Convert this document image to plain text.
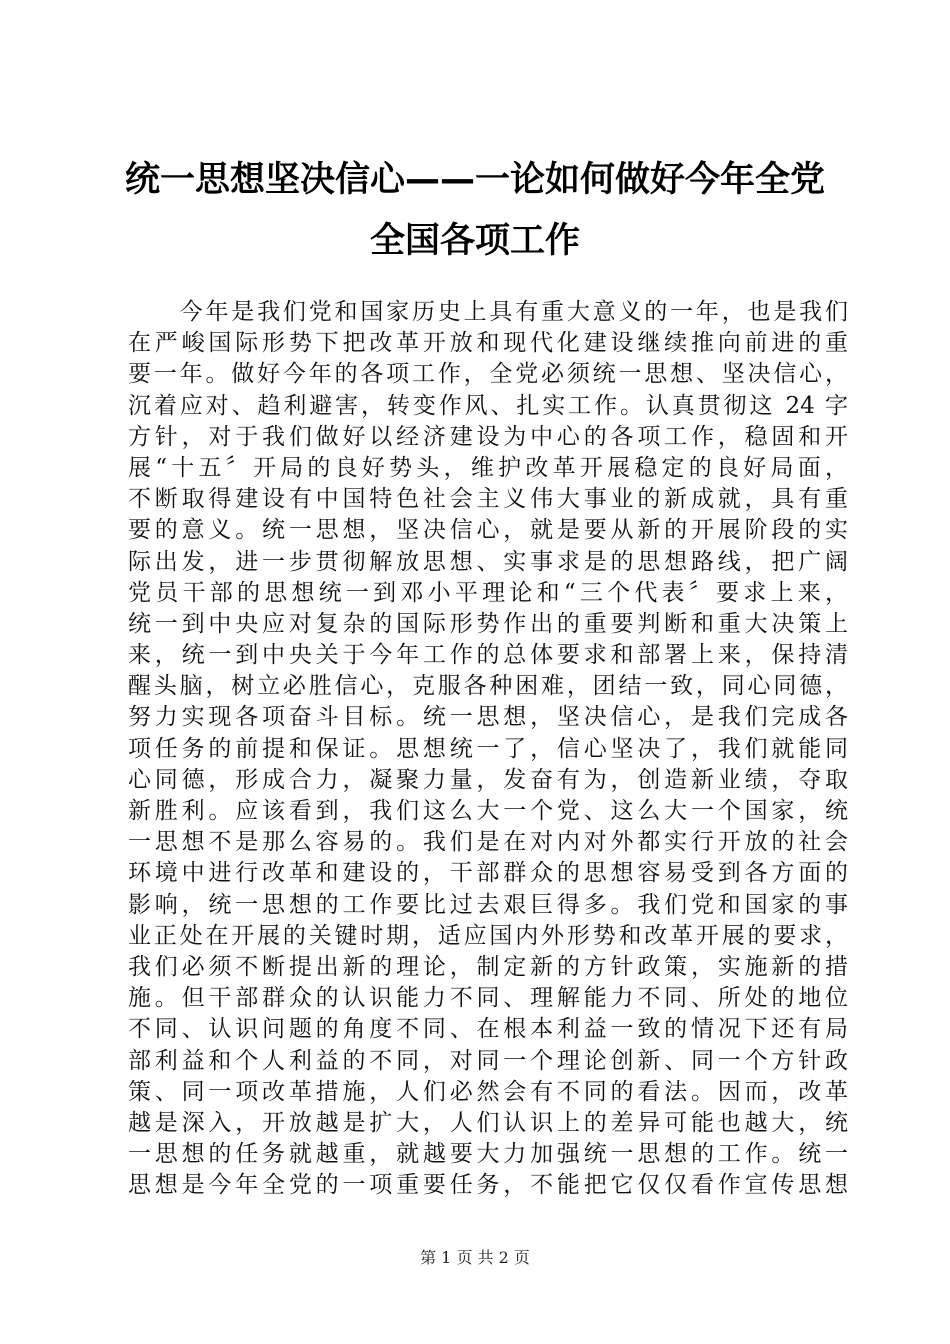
统一思想坚决信心——一论如何做好今年全党
全国各项工作
　　今年是我们党和国家历史上具有重大意义的一年，也是我们
在严峻国际形势下把改革开放和现代化建设继续推向前进的重
要一年。做好今年的各项工作，全党必须统一思想、坚决信心，
沉着应对、趋利避害，转变作风、扎实工作。认真贯彻这 24 字
方针，对于我们做好以经济建设为中心的各项工作，稳固和开
展“十五〞开局的良好势头，维护改革开展稳定的良好局面，
不断取得建设有中国特色社会主义伟大事业的新成就，具有重
要的意义。统一思想，坚决信心，就是要从新的开展阶段的实
际出发，进一步贯彻解放思想、实事求是的思想路线，把广阔
党员干部的思想统一到邓小平理论和“三个代表〞要求上来，
统一到中央应对复杂的国际形势作出的重要判断和重大决策上
来，统一到中央关于今年工作的总体要求和部署上来，保持清
醒头脑，树立必胜信心，克服各种困难，团结一致，同心同德，
努力实现各项奋斗目标。统一思想，坚决信心，是我们完成各
项任务的前提和保证。思想统一了，信心坚决了，我们就能同
心同德，形成合力，凝聚力量，发奋有为，创造新业绩，夺取
新胜利。应该看到，我们这么大一个党、这么大一个国家，统
一思想不是那么容易的。我们是在对内对外都实行开放的社会
环境中进行改革和建设的，干部群众的思想容易受到各方面的
影响，统一思想的工作要比过去艰巨得多。我们党和国家的事
业正处在开展的关键时期，适应国内外形势和改革开展的要求，
我们必须不断提出新的理论，制定新的方针政策，实施新的措
施。但干部群众的认识能力不同、理解能力不同、所处的地位
不同、认识问题的角度不同、在根本利益一致的情况下还有局
部利益和个人利益的不同，对同一个理论创新、同一个方针政
策、同一项改革措施，人们必然会有不同的看法。因而，改革
越是深入，开放越是扩大，人们认识上的差异可能也越大，统
一思想的任务就越重，就越要大力加强统一思想的工作。统一
思想是今年全党的一项重要任务，不能把它仅仅看作宣传思想
第 1 页 共 2 页
